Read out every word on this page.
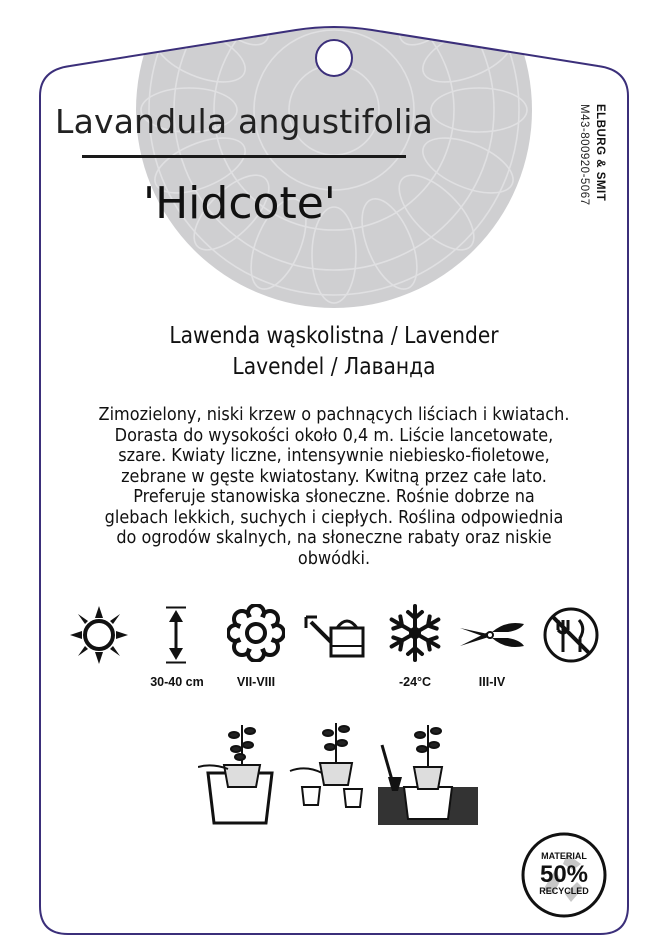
Lavandula angustifolia
'Hidcote'
ELBURG & SMIT
M43-800920-5067
Lawenda wąskolistna / Lavender
Lavendel / Лаванда
Zimozielony, niski krzew o pachnących liściach i kwiatach.
Dorasta do wysokości około 0,4 m. Liście lancetowate,
szare. Kwiaty liczne, intensywnie niebiesko-fioletowe,
zebrane w gęste kwiatostany. Kwitną przez całe lato.
Preferuje stanowiska słoneczne. Rośnie dobrze na
glebach lekkich, suchych i ciepłych. Roślina odpowiednia
do ogrodów skalnych, na słoneczne rabaty oraz niskie
obwódki.
30-40 cm	VII-VIII	-24°C	III-IV
MATERIAL
50%
RECYCLED
